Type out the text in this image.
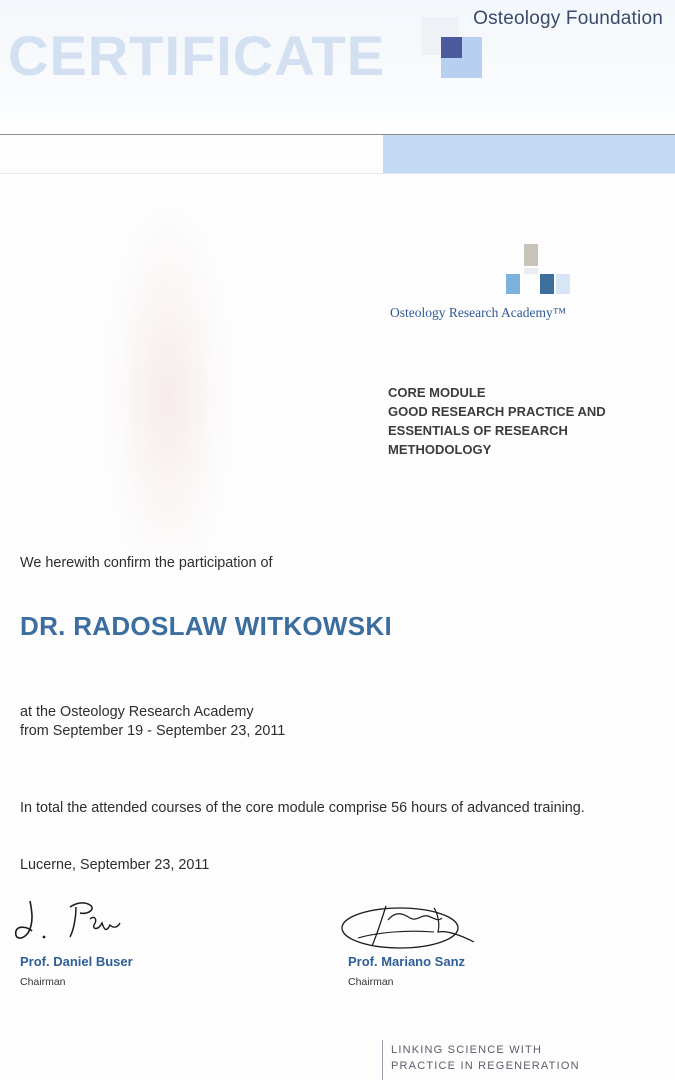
CERTIFICATE
Osteology Foundation
Osteology Research Academy™
CORE MODULE
GOOD RESEARCH PRACTICE AND
ESSENTIALS OF RESEARCH
METHODOLOGY
We herewith confirm the participation of
DR. RADOSLAW WITKOWSKI
at the Osteology Research Academy
from September 19 - September 23, 2011
In total the attended courses of the core module comprise 56 hours of advanced training.
Lucerne, September 23, 2011
Prof. Daniel Buser
Chairman
Prof. Mariano Sanz
Chairman
LINKING SCIENCE WITH
PRACTICE IN REGENERATION
